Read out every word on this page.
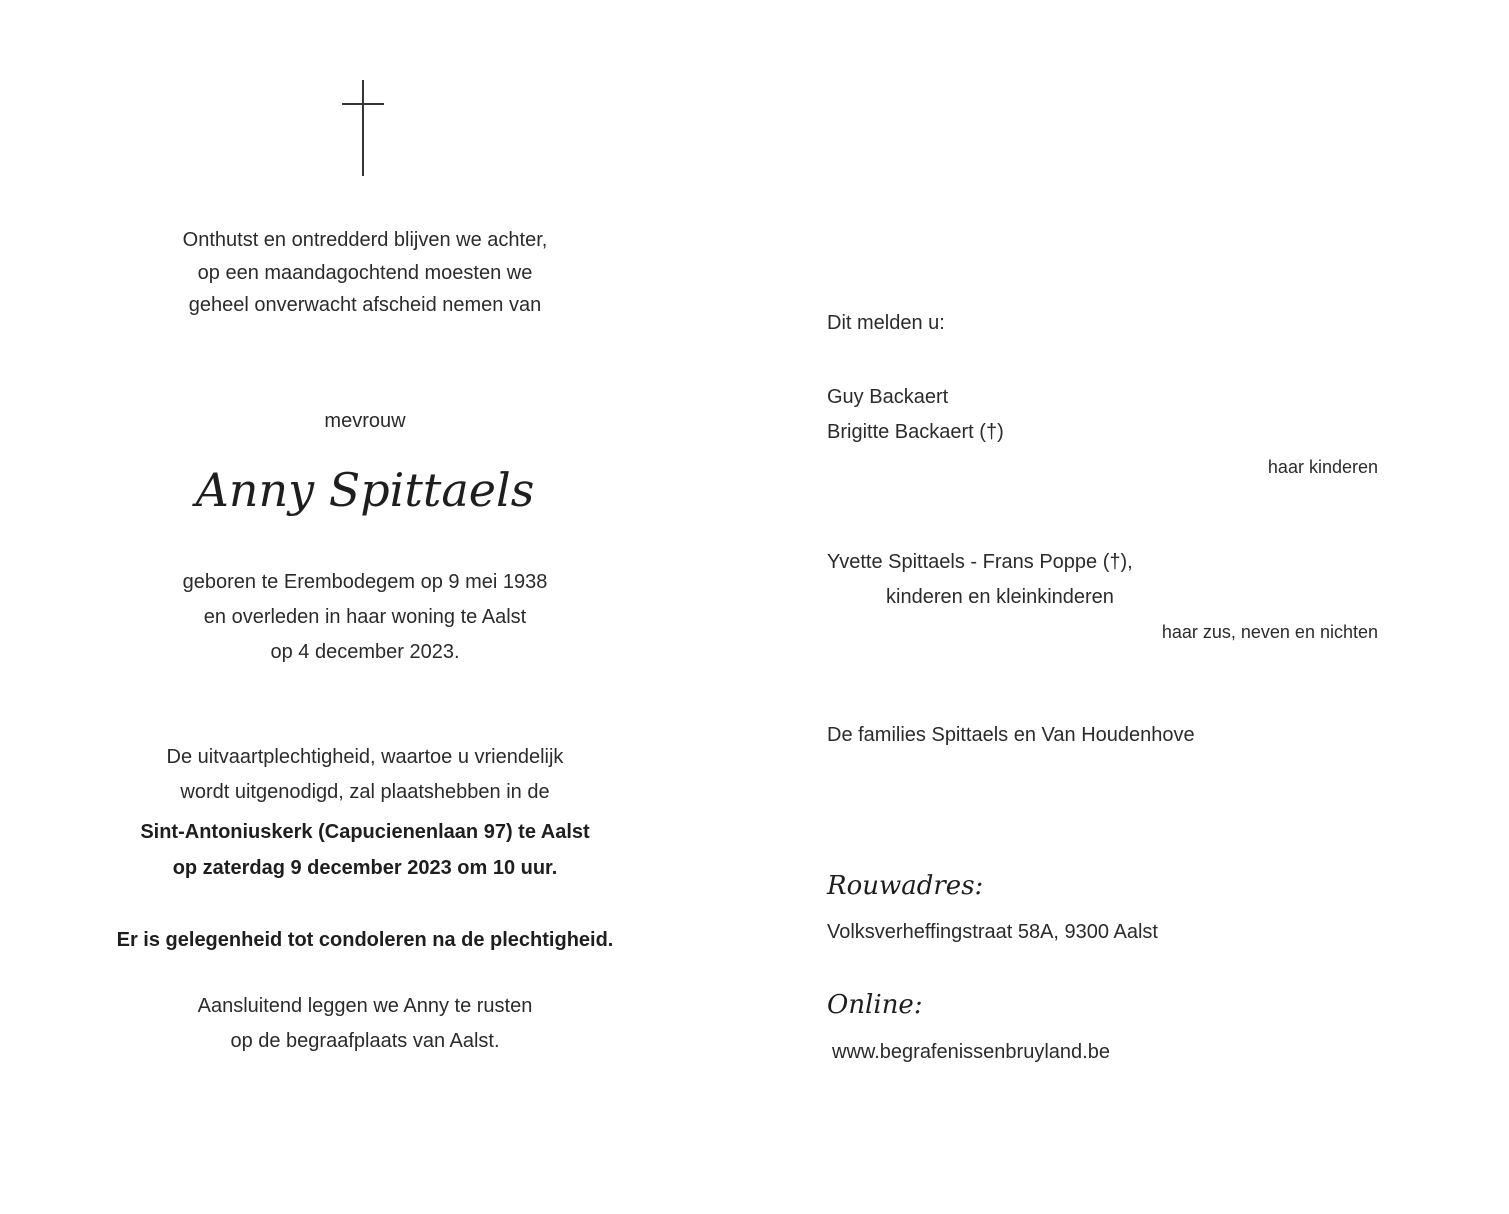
Onthutst en ontredderd blijven we achter,
op een maandagochtend moesten we
geheel onverwacht afscheid nemen van
mevrouw
Anny Spittaels
geboren te Erembodegem op 9 mei 1938
en overleden in haar woning te Aalst
op 4 december 2023.
De uitvaartplechtigheid, waartoe u vriendelijk
wordt uitgenodigd, zal plaatshebben in de
Sint-Antoniuskerk (Capucienenlaan 97) te Aalst
op zaterdag 9 december 2023 om 10 uur.
Er is gelegenheid tot condoleren na de plechtigheid.
Aansluitend leggen we Anny te rusten
op de begraafplaats van Aalst.
Dit melden u:
Guy Backaert
Brigitte Backaert (†)
haar kinderen
Yvette Spittaels - Frans Poppe (†),
kinderen en kleinkinderen
haar zus, neven en nichten
De families Spittaels en Van Houdenhove
Rouwadres:
Volksverheffingstraat 58A, 9300 Aalst
Online:
www.begrafenissenbruyland.be
